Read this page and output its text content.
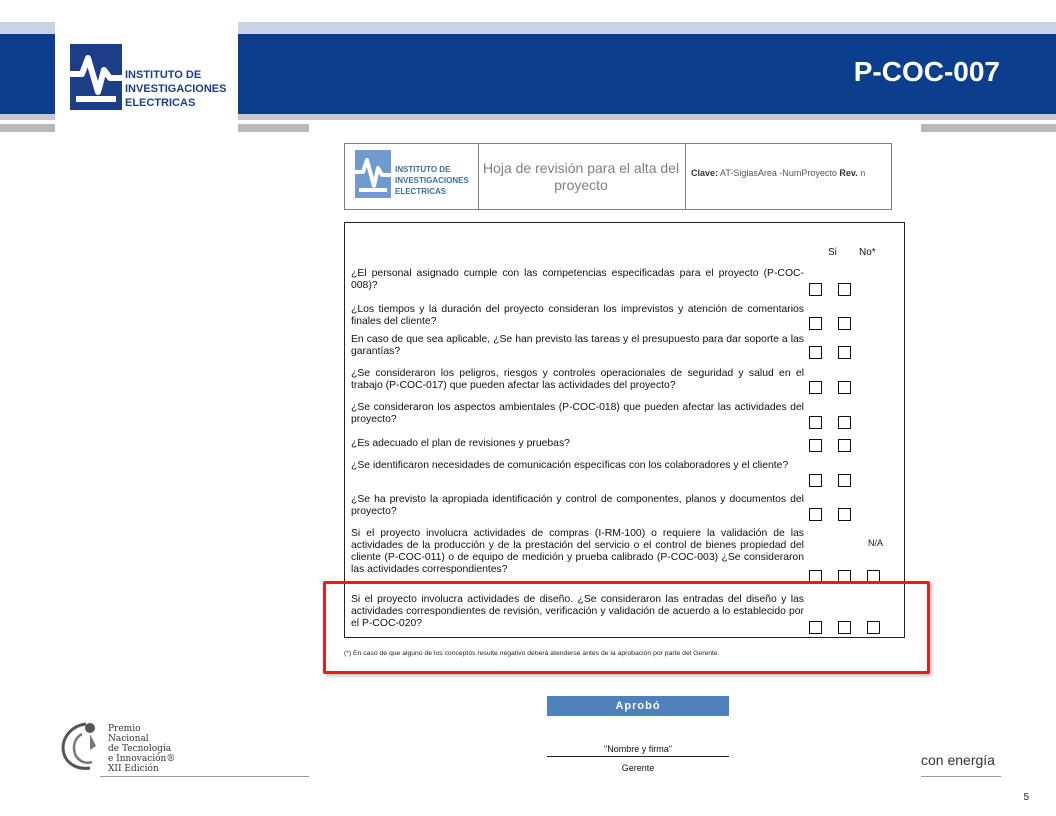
INSTITUTO DE
INVESTIGACIONES
ELECTRICAS
P-COC-007
INSTITUTO DE
INVESTIGACIONES
ELECTRICAS
Hoja de revisión para el alta del proyecto
Clave: AT-SiglasArea -NumProyecto Rev. n
Si No*
N/A
¿El personal asignado cumple con las competencias especificadas para el proyecto (P-COC-008)?
¿Los tiempos y la duración del proyecto consideran los imprevistos y atención de comentarios finales del cliente?
En caso de que sea aplicable, ¿Se han previsto las tareas y el presupuesto para dar soporte a las garantías?
¿Se consideraron los peligros, riesgos y controles operacionales de seguridad y salud en el trabajo (P-COC-017) que pueden afectar las actividades del proyecto?
¿Se consideraron los aspectos ambientales (P-COC-018) que pueden afectar las actividades del proyecto?
¿Es adecuado el plan de revisiones y pruebas?
¿Se identificaron necesidades de comunicación específicas con los colaboradores y el cliente?
¿Se ha previsto la apropiada identificación y control de componentes, planos y documentos del proyecto?
Si el proyecto involucra actividades de compras (I-RM-100) o requiere la validación de las actividades de la producción y de la prestación del servicio o el control de bienes propiedad del cliente (P-COC-011) o de equipo de medición y prueba calibrado (P-COC-003) ¿Se consideraron las actividades correspondientes?
Si el proyecto involucra actividades de diseño. ¿Se consideraron las entradas del diseño y las actividades correspondientes de revisión, verificación y validación de acuerdo a lo establecido por el P-COC-020?
(*) En caso de que alguno de los conceptos resulte negativo deberá atenderse antes de la aprobación por parte del Gerente.
Aprobó
"Nombre y firma"
Gerente
Premio
Nacional
de Tecnología
e Innovación®
XII Edición
con energía
5
